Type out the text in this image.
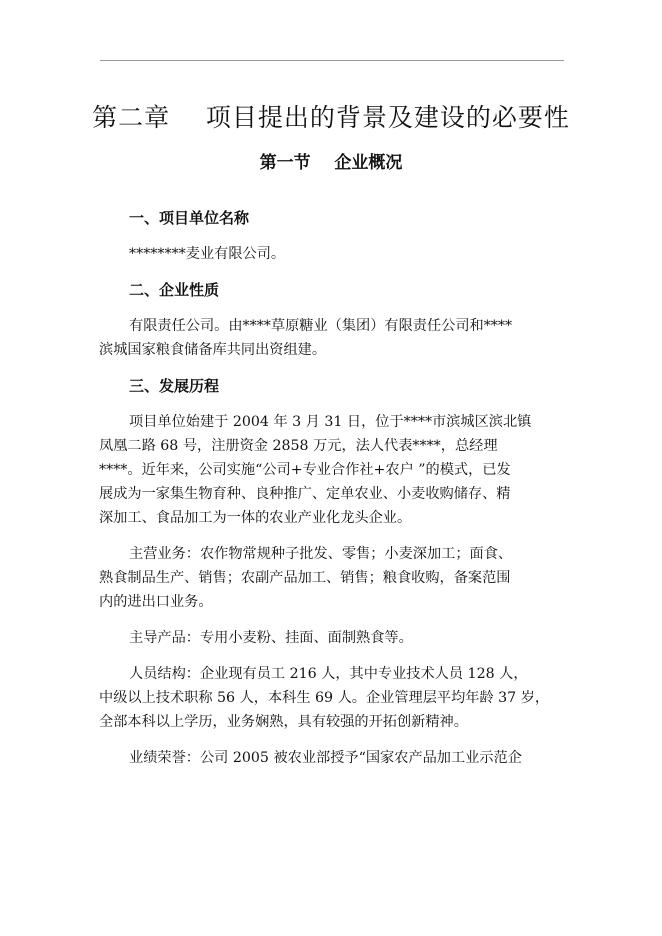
第二章    项目提出的背景及建设的必要性
第一节    企业概况
一、项目单位名称
********麦业有限公司。
二、企业性质
有限责任公司。由****草原糖业（集团）有限责任公司和****
滨城国家粮食储备库共同出资组建。
三、发展历程
项目单位始建于 2004 年 3 月 31 日，位于****市滨城区滨北镇
凤凰二路 68 号，注册资金 2858 万元，法人代表****，总经理
****。近年来，公司实施“公司+专业合作社+农户 ”的模式，已发
展成为一家集生物育种、良种推广、定单农业、小麦收购储存、精
深加工、食品加工为一体的农业产业化龙头企业。
主营业务：农作物常规种子批发、零售；小麦深加工；面食、
熟食制品生产、销售；农副产品加工、销售；粮食收购，备案范围
内的进出口业务。
主导产品：专用小麦粉、挂面、面制熟食等。
人员结构：企业现有员工 216 人，其中专业技术人员 128 人，
中级以上技术职称 56 人，本科生 69 人。企业管理层平均年龄 37 岁，
全部本科以上学历，业务娴熟，具有较强的开拓创新精神。
业绩荣誉：公司 2005 被农业部授予“国家农产品加工业示范企
